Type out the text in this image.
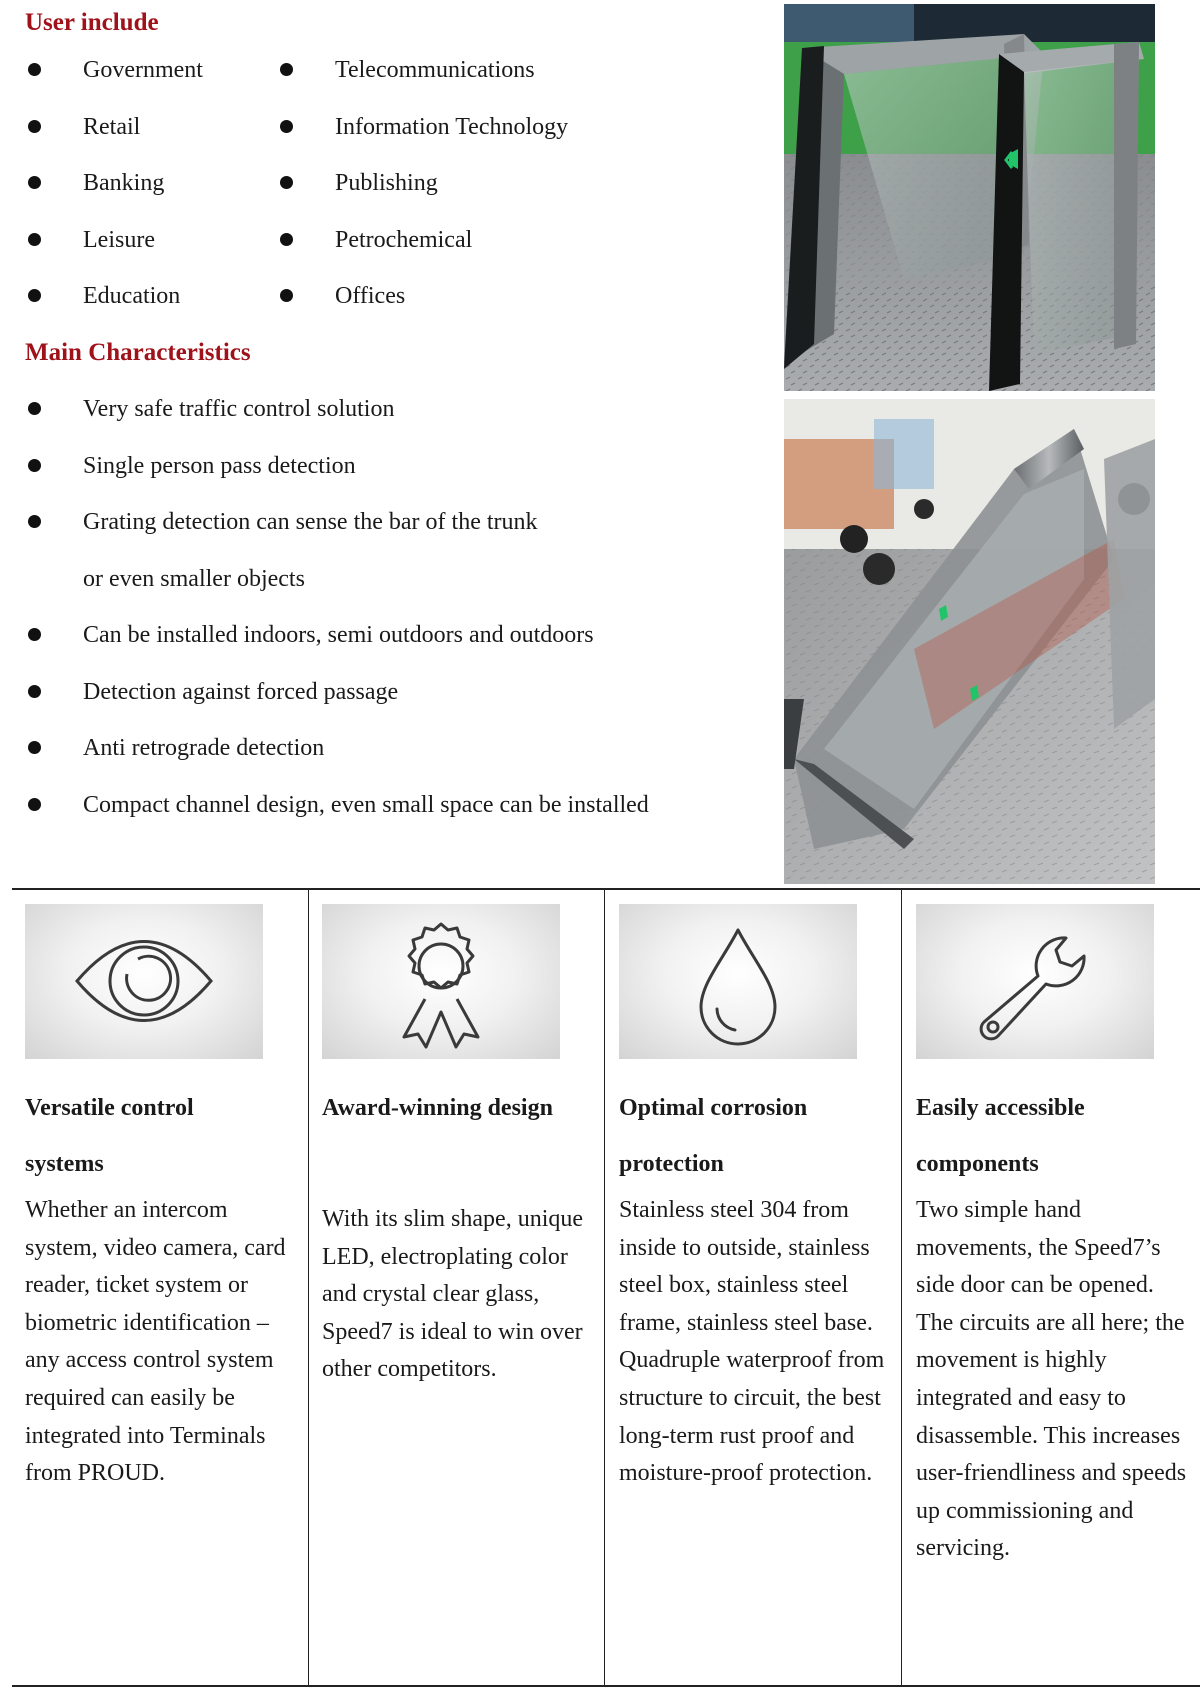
User include
Government
Retail
Banking
Leisure
Education
Telecommunications
Information Technology
Publishing
Petrochemical
Offices
Main Characteristics
Very safe traffic control solution
Single person pass detection
Grating detection can sense the bar of the trunk
or even smaller objects
Can be installed indoors, semi outdoors and outdoors
Detection against forced passage
Anti retrograde detection
Compact channel design, even small space can be installed
Versatile control
systems

Whether an intercom system, video camera, card reader, ticket system or biometric identification – any access control system required can easily be integrated into Terminals from PROUD.

Award-winning design

With its slim shape, unique LED, electroplating color and crystal clear glass, Speed7 is ideal to win over other competitors.

Optimal corrosion
protection

Stainless steel 304 from inside to outside, stainless steel box, stainless steel frame, stainless steel base. Quadruple waterproof from structure to circuit, the best long-term rust proof and moisture-proof protection.

Easily accessible
components

Two simple hand movements, the Speed7’s side door can be opened. The circuits are all here; the movement is highly integrated and easy to disassemble. This increases user-friendliness and speeds up commissioning and servicing.
